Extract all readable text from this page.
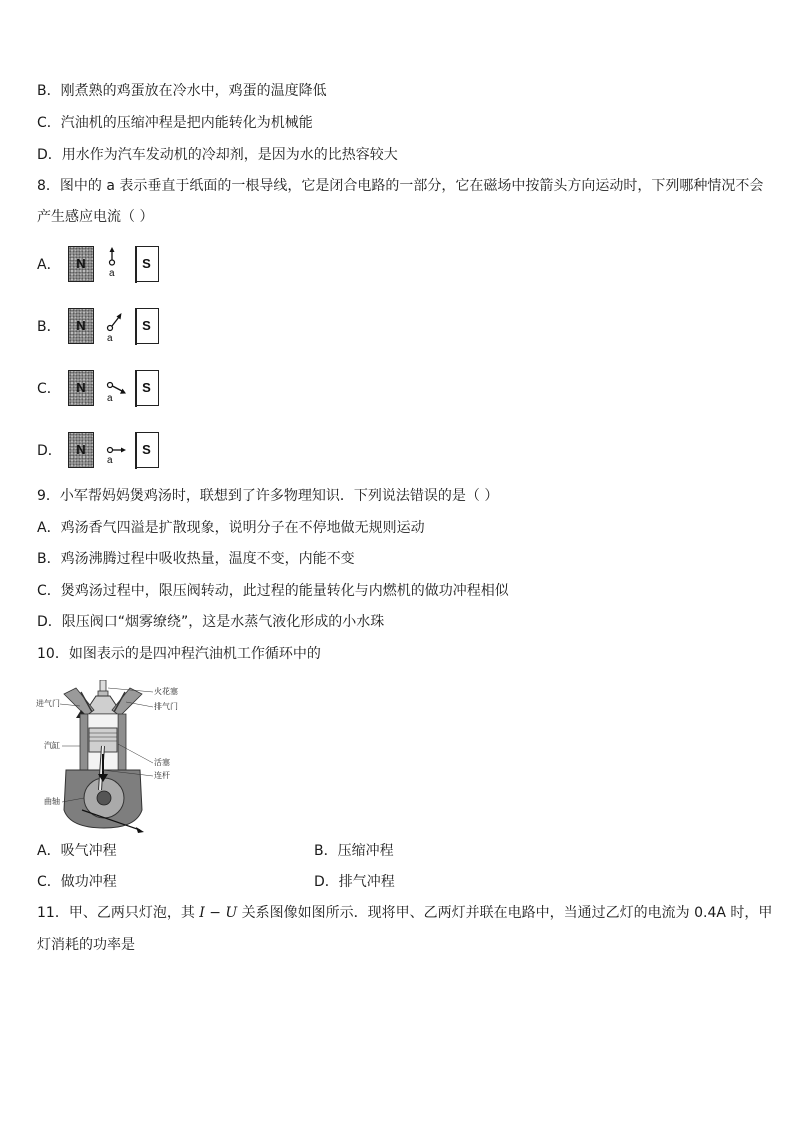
B．刚煮熟的鸡蛋放在冷水中，鸡蛋的温度降低
C．汽油机的压缩冲程是把内能转化为机械能
D．用水作为汽车发动机的冷却剂，是因为水的比热容较大
8．图中的 a 表示垂直于纸面的一根导线，它是闭合电路的一部分，它在磁场中按箭头方向运动时，下列哪种情况不会
产生感应电流（ ）
A．	N
a
S
B．	N
a
S
C．	N
a
S
D．	N
a
S
9．小军帮妈妈煲鸡汤时，联想到了许多物理知识．下列说法错误的是（ ）
A．鸡汤香气四溢是扩散现象，说明分子在不停地做无规则运动
B．鸡汤沸腾过程中吸收热量，温度不变，内能不变
C．煲鸡汤过程中，限压阀转动，此过程的能量转化与内燃机的做功冲程相似
D．限压阀口“烟雾缭绕”，这是水蒸气液化形成的小水珠
10．如图表示的是四冲程汽油机工作循环中的
进气门
火花塞
排气门
汽缸
活塞
连杆
曲轴
A．吸气冲程	B．压缩冲程
C．做功冲程	D．排气冲程
11．甲、乙两只灯泡，其 I − U 关系图像如图所示．现将甲、乙两灯并联在电路中，当通过乙灯的电流为 0.4A 时，甲
灯消耗的功率是
